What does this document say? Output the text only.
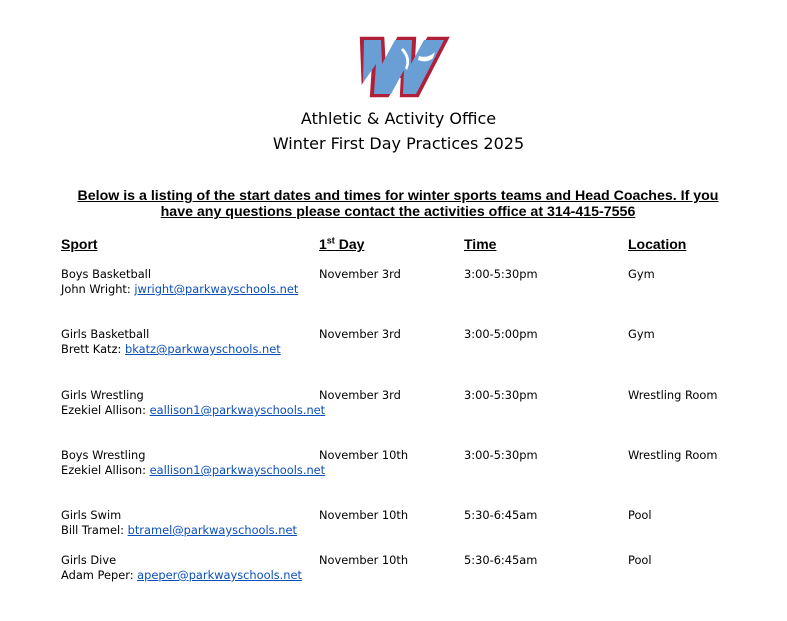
Athletic & Activity Office
Winter First Day Practices 2025
Below is a listing of the start dates and times for winter sports teams and Head Coaches. If you have any questions please contact the activities office at 314-415-7556
Sport	1st Day	Time	Location
Boys Basketball
John Wright: jwright@parkwayschools.net
November 3rd	3:00-5:30pm	Gym
Girls Basketball
Brett Katz: bkatz@parkwayschools.net
November 3rd	3:00-5:00pm	Gym
Girls Wrestling
Ezekiel Allison: eallison1@parkwayschools.net
November 3rd	3:00-5:30pm	Wrestling Room
Boys Wrestling
Ezekiel Allison: eallison1@parkwayschools.net
November 10th	3:00-5:30pm	Wrestling Room
Girls Swim
Bill Tramel: btramel@parkwayschools.net
November 10th	5:30-6:45am	Pool
Girls Dive
Adam Peper: apeper@parkwayschools.net
November 10th	5:30-6:45am	Pool
